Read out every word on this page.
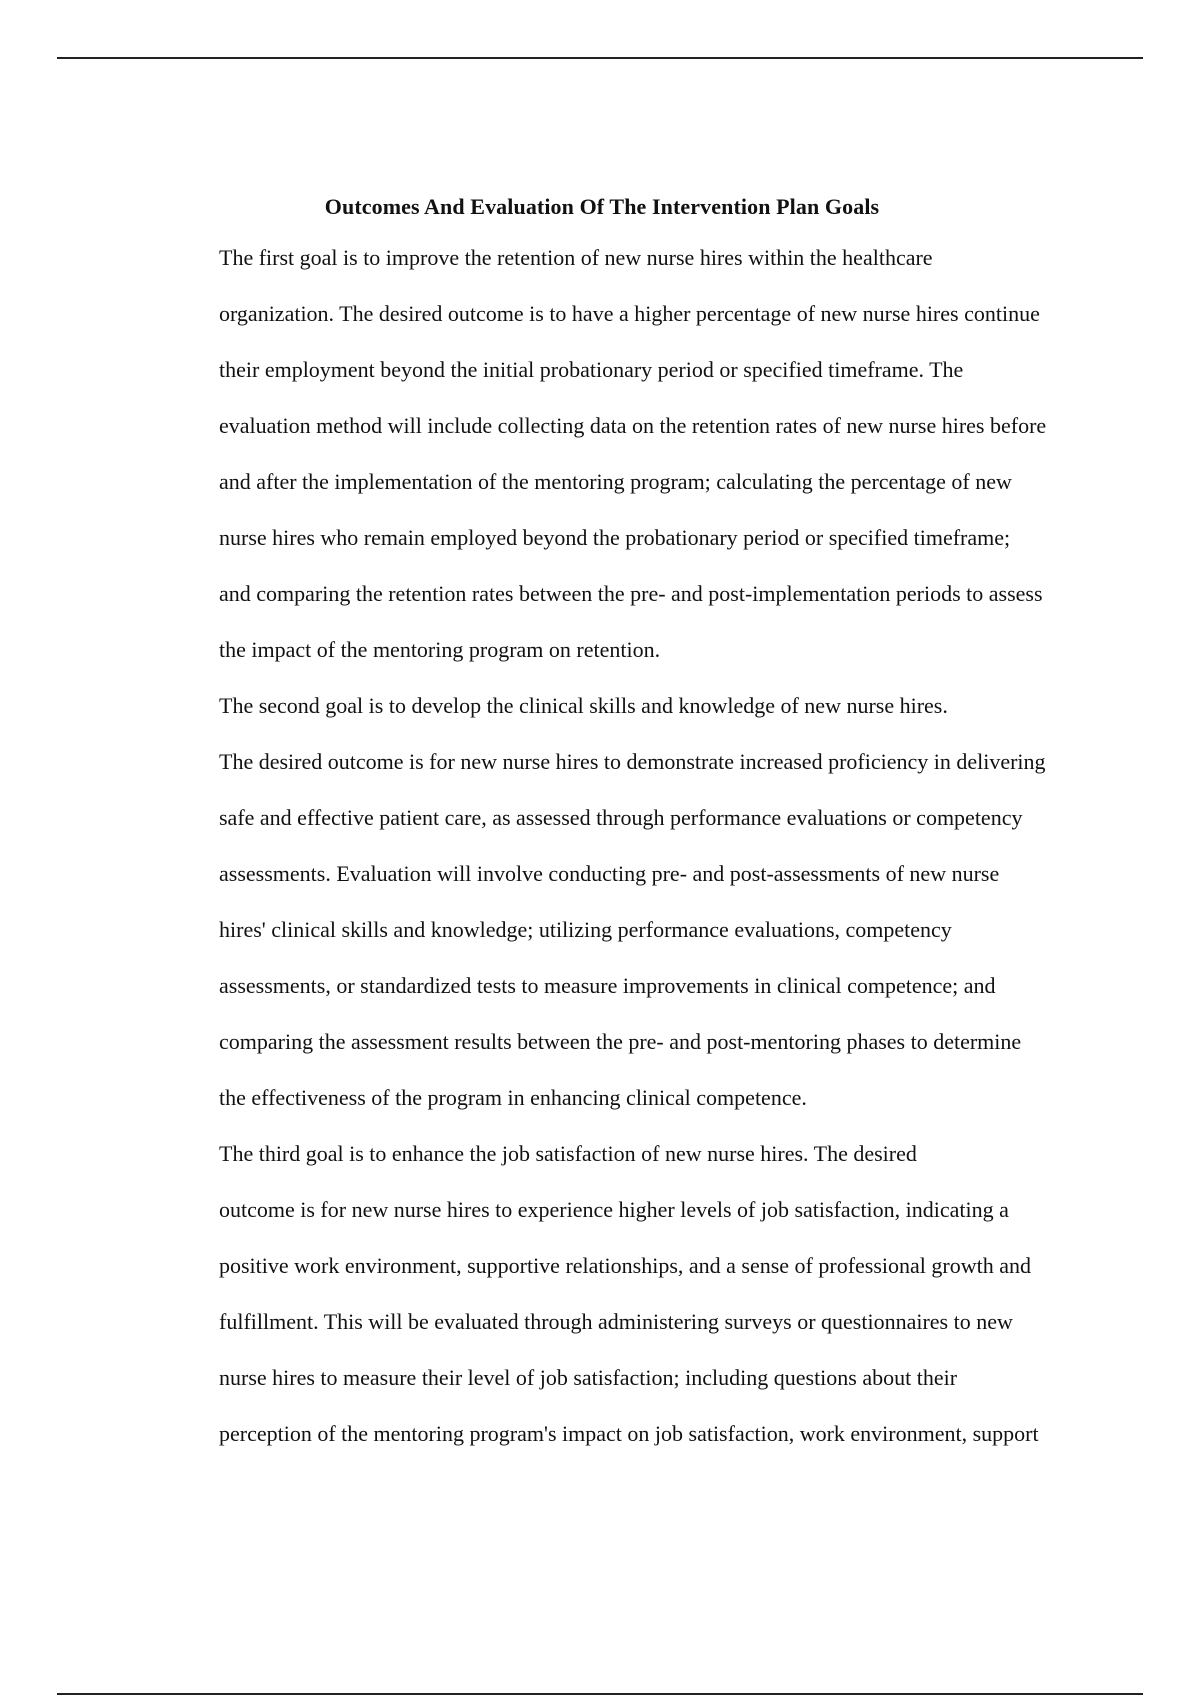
Outcomes And Evaluation Of The Intervention Plan Goals

The first goal is to improve the retention of new nurse hires within the healthcare
organization. The desired outcome is to have a higher percentage of new nurse hires continue
their employment beyond the initial probationary period or specified timeframe. The
evaluation method will include collecting data on the retention rates of new nurse hires before
and after the implementation of the mentoring program; calculating the percentage of new
nurse hires who remain employed beyond the probationary period or specified timeframe;
and comparing the retention rates between the pre- and post-implementation periods to assess
the impact of the mentoring program on retention.

The second goal is to develop the clinical skills and knowledge of new nurse hires.
The desired outcome is for new nurse hires to demonstrate increased proficiency in delivering
safe and effective patient care, as assessed through performance evaluations or competency
assessments. Evaluation will involve conducting pre- and post-assessments of new nurse
hires' clinical skills and knowledge; utilizing performance evaluations, competency
assessments, or standardized tests to measure improvements in clinical competence; and
comparing the assessment results between the pre- and post-mentoring phases to determine
the effectiveness of the program in enhancing clinical competence.

The third goal is to enhance the job satisfaction of new nurse hires. The desired
outcome is for new nurse hires to experience higher levels of job satisfaction, indicating a
positive work environment, supportive relationships, and a sense of professional growth and
fulfillment. This will be evaluated through administering surveys or questionnaires to new
nurse hires to measure their level of job satisfaction; including questions about their
perception of the mentoring program's impact on job satisfaction, work environment, support
